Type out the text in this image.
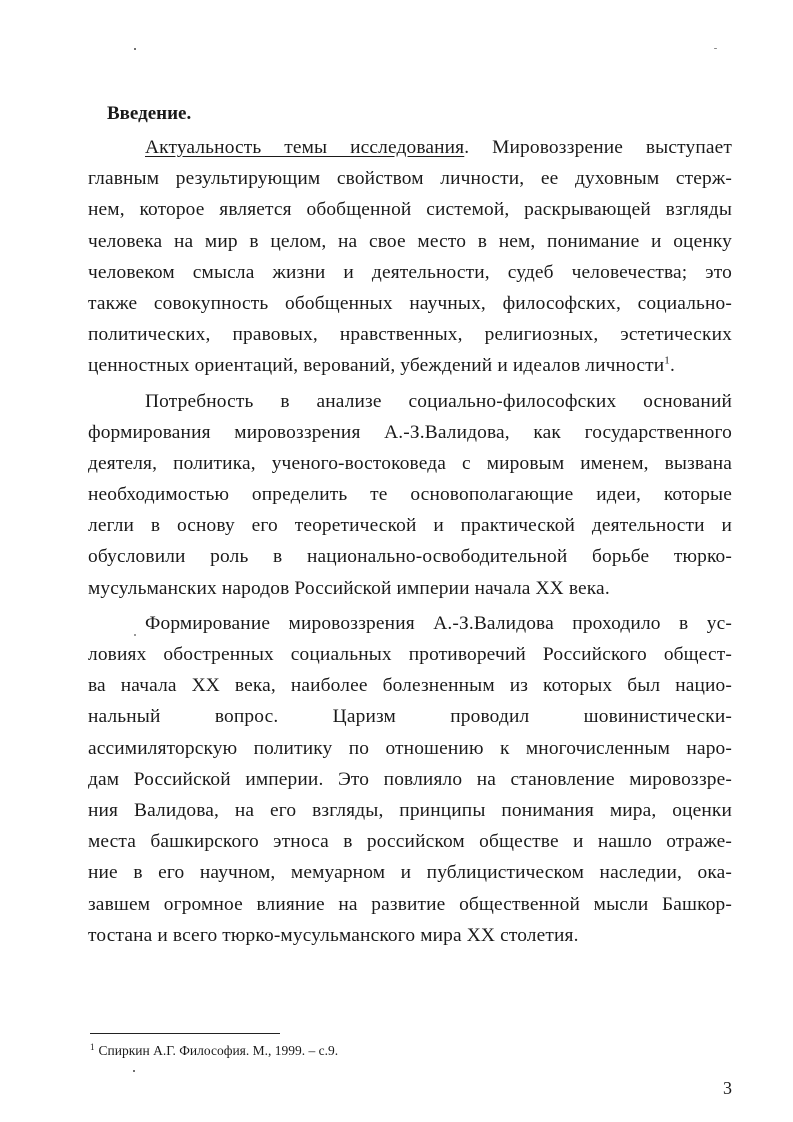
Введение.
Актуальность темы исследования. Мировоззрение выступает
главным результирующим свойством личности, ее духовным стерж-
нем, которое является обобщенной системой, раскрывающей взгляды
человека на мир в целом, на свое место в нем, понимание и оценку
человеком смысла жизни и деятельности, судеб человечества; это
также совокупность обобщенных научных, философских, социально-
политических, правовых, нравственных, религиозных, эстетических
ценностных ориентаций, верований, убеждений и идеалов личности$^1$.
Потребность в анализе социально-философских оснований
формирования мировоззрения А.-З.Валидова, как государственного
деятеля, политика, ученого-востоковеда с мировым именем, вызвана
необходимостью определить те основополагающие идеи, которые
легли в основу его теоретической и практической деятельности и
обусловили роль в национально-освободительной борьбе тюрко-
мусульманских народов Российской империи начала XX века.
Формирование мировоззрения А.-З.Валидова проходило в ус-
ловиях обостренных социальных противоречий Российского общест-
ва начала XX века, наиболее болезненным из которых был нацио-
нальный вопрос. Царизм проводил шовинистически-
ассимиляторскую политику по отношению к многочисленным наро-
дам Российской империи. Это повлияло на становление мировоззре-
ния Валидова, на его взгляды, принципы понимания мира, оценки
места башкирского этноса в российском обществе и нашло отраже-
ние в его научном, мемуарном и публицистическом наследии, ока-
завшем огромное влияние на развитие общественной мысли Башкор-
тостана и всего тюрко-мусульманского мира XX столетия.
$^1$ Спиркин А.Г. Философия. М., 1999. – с.9.
3
